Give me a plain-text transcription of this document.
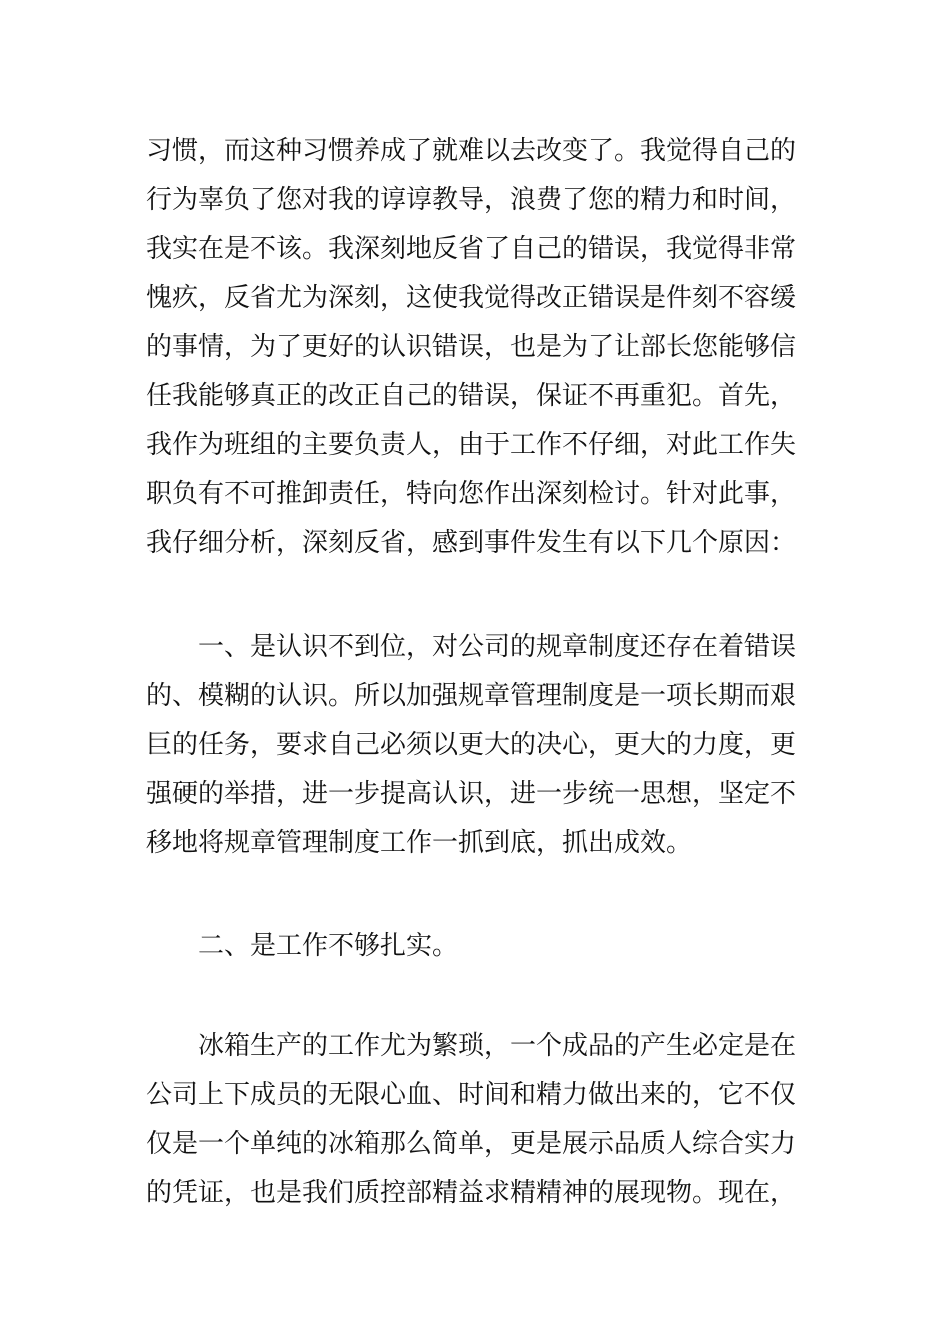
习惯，而这种习惯养成了就难以去改变了。我觉得自己的
行为辜负了您对我的谆谆教导，浪费了您的精力和时间，
我实在是不该。我深刻地反省了自己的错误，我觉得非常
愧疚，反省尤为深刻，这使我觉得改正错误是件刻不容缓
的事情，为了更好的认识错误，也是为了让部长您能够信
任我能够真正的改正自己的错误，保证不再重犯。首先，
我作为班组的主要负责人，由于工作不仔细，对此工作失
职负有不可推卸责任，特向您作出深刻检讨。针对此事，
我仔细分析，深刻反省，感到事件发生有以下几个原因：
一、是认识不到位，对公司的规章制度还存在着错误
的、模糊的认识。所以加强规章管理制度是一项长期而艰
巨的任务，要求自己必须以更大的决心，更大的力度，更
强硬的举措，进一步提高认识，进一步统一思想，坚定不
移地将规章管理制度工作一抓到底，抓出成效。
二、是工作不够扎实。
冰箱生产的工作尤为繁琐，一个成品的产生必定是在
公司上下成员的无限心血、时间和精力做出来的，它不仅
仅是一个单纯的冰箱那么简单，更是展示品质人综合实力
的凭证，也是我们质控部精益求精精神的展现物。现在，
